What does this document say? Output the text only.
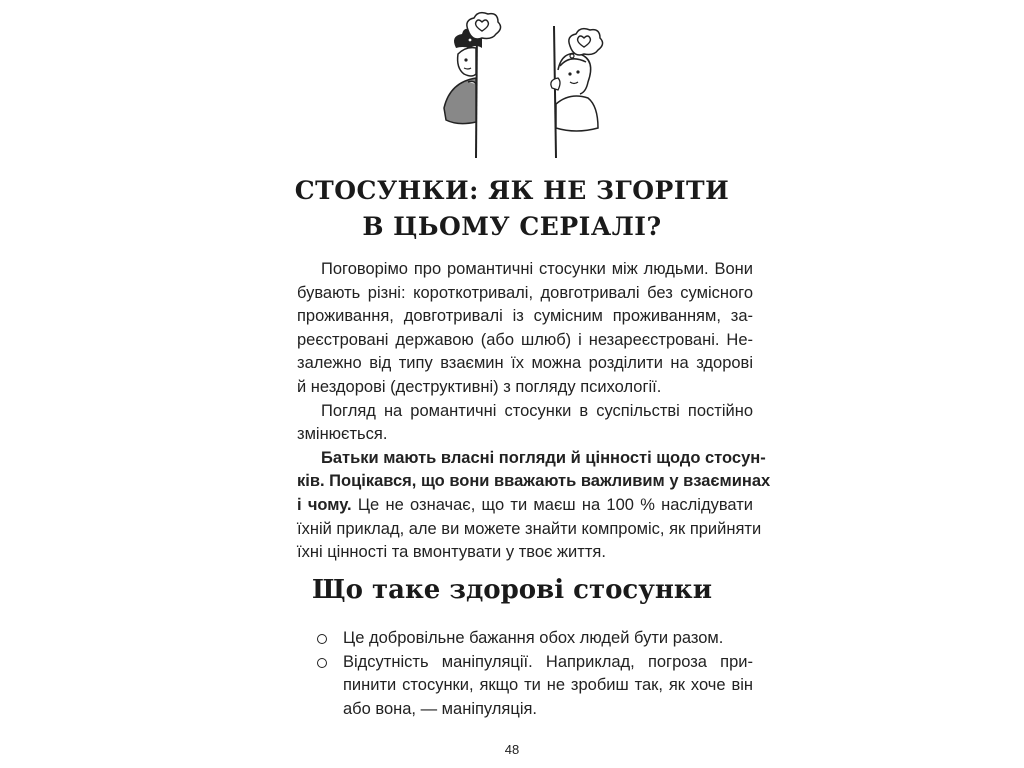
СТОСУНКИ: ЯК НЕ ЗГОРІТИ
В ЦЬОМУ СЕРІАЛІ?
Поговорімо про романтичні стосунки між людьми. Вони
бувають різні: короткотривалі, довготривалі без сумісного
проживання, довготривалі із сумісним проживанням, за-
реєстровані державою (або шлюб) і незареєстровані. Не-
залежно від типу взаємин їх можна розділити на здорові
й нездорові (деструктивні) з погляду психології.
Погляд на романтичні стосунки в суспільстві постійно
змінюється.
Батьки мають власні погляди й цінності щодо стосун-
ків. Поцікався, що вони вважають важливим у взаєминах
і чому. Це не означає, що ти маєш на 100 % наслідувати
їхній приклад, але ви можете знайти компроміс, як прийняти
їхні цінності та вмонтувати у твоє життя.
Що таке здорові стосунки
Це добровільне бажання обох людей бути разом.
Відсутність маніпуляції. Наприклад, погроза при-
пинити стосунки, якщо ти не зробиш так, як хоче він
або вона, — маніпуляція.
48
